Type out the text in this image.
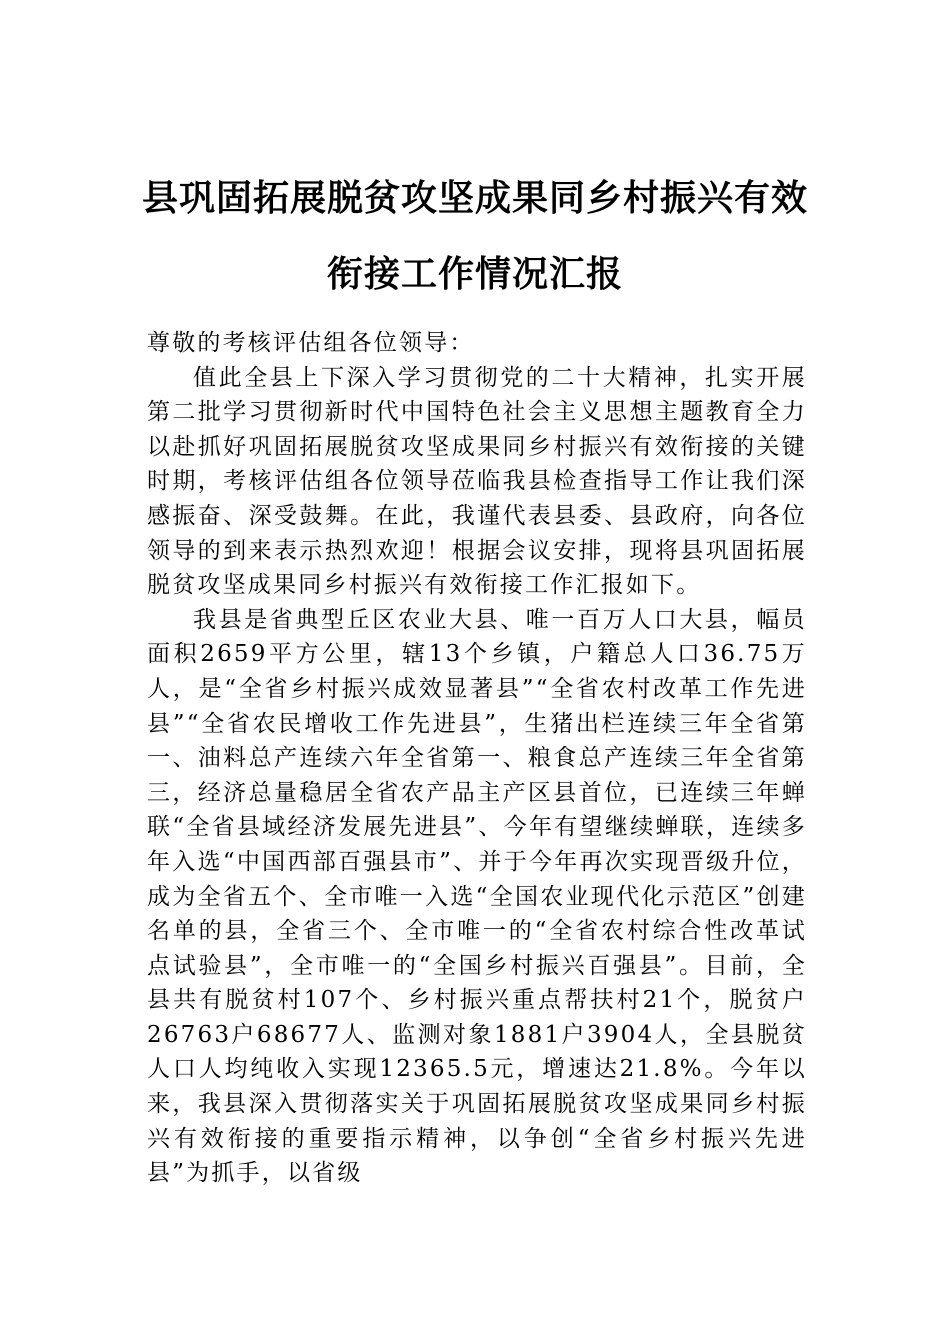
县巩固拓展脱贫攻坚成果同乡村振兴有效
衔接工作情况汇报

尊敬的考核评估组各位领导：

值此全县上下深入学习贯彻党的二十大精神，扎实开展第二批学习贯彻新时代中国特色社会主义思想主题教育全力以赴抓好巩固拓展脱贫攻坚成果同乡村振兴有效衔接的关键时期，考核评估组各位领导莅临我县检查指导工作让我们深感振奋、深受鼓舞。在此，我谨代表县委、县政府，向各位领导的到来表示热烈欢迎！根据会议安排，现将县巩固拓展脱贫攻坚成果同乡村振兴有效衔接工作汇报如下。

我县是省典型丘区农业大县、唯一百万人口大县，幅员面积2659平方公里，辖13个乡镇，户籍总人口36.75万人，是“全省乡村振兴成效显著县”“全省农村改革工作先进县”“全省农民增收工作先进县”，生猪出栏连续三年全省第一、油料总产连续六年全省第一、粮食总产连续三年全省第三，经济总量稳居全省农产品主产区县首位，已连续三年蝉联“全省县域经济发展先进县”、今年有望继续蝉联，连续多年入选“中国西部百强县市”、并于今年再次实现晋级升位，成为全省五个、全市唯一入选“全国农业现代化示范区”创建名单的县，全省三个、全市唯一的“全省农村综合性改革试点试验县”，全市唯一的“全国乡村振兴百强县”。目前，全县共有脱贫村107个、乡村振兴重点帮扶村21个，脱贫户26763户68677人、监测对象1881户3904人，全县脱贫人口人均纯收入实现12365.5元，增速达21.8%。今年以来，我县深入贯彻落实关于巩固拓展脱贫攻坚成果同乡村振兴有效衔接的重要指示精神，以争创“全省乡村振兴先进县”为抓手，以省级
